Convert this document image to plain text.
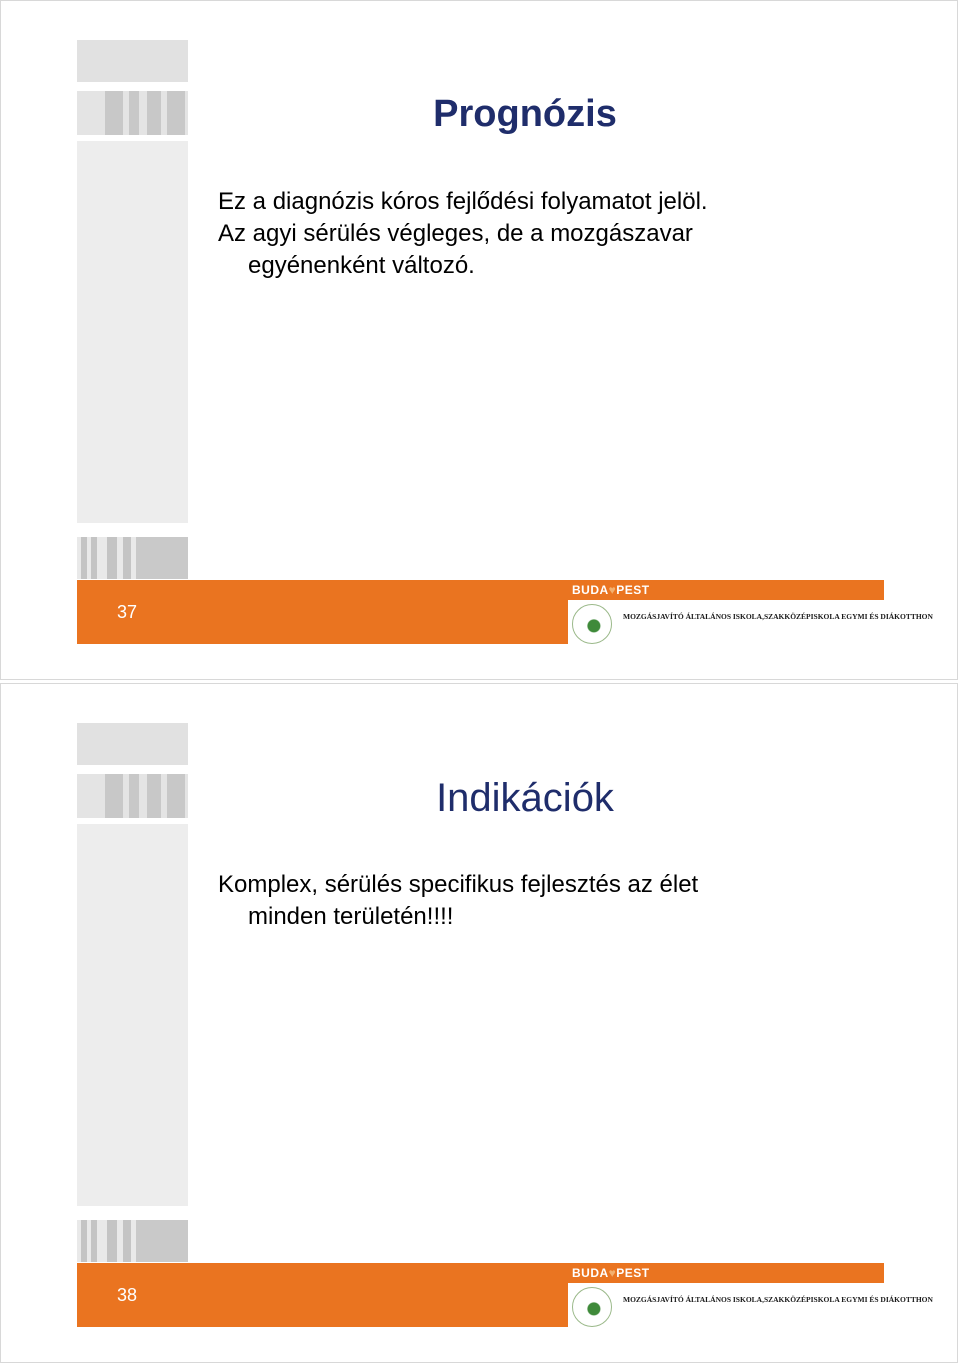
Prognózis

Ez a diagnózis kóros fejlődési folyamatot jelöl.

Az agyi sérülés végleges, de a mozgászavar

egyénenként változó.

37
BUDA♥PEST
MOZGÁSJAVÍTÓ ÁLTALÁNOS ISKOLA,SZAKKÖZÉPISKOLA EGYMI ÉS DIÁKOTTHON
Indikációk

Komplex, sérülés specifikus fejlesztés az élet

minden területén!!!!

38
BUDA♥PEST
MOZGÁSJAVÍTÓ ÁLTALÁNOS ISKOLA,SZAKKÖZÉPISKOLA EGYMI ÉS DIÁKOTTHON
